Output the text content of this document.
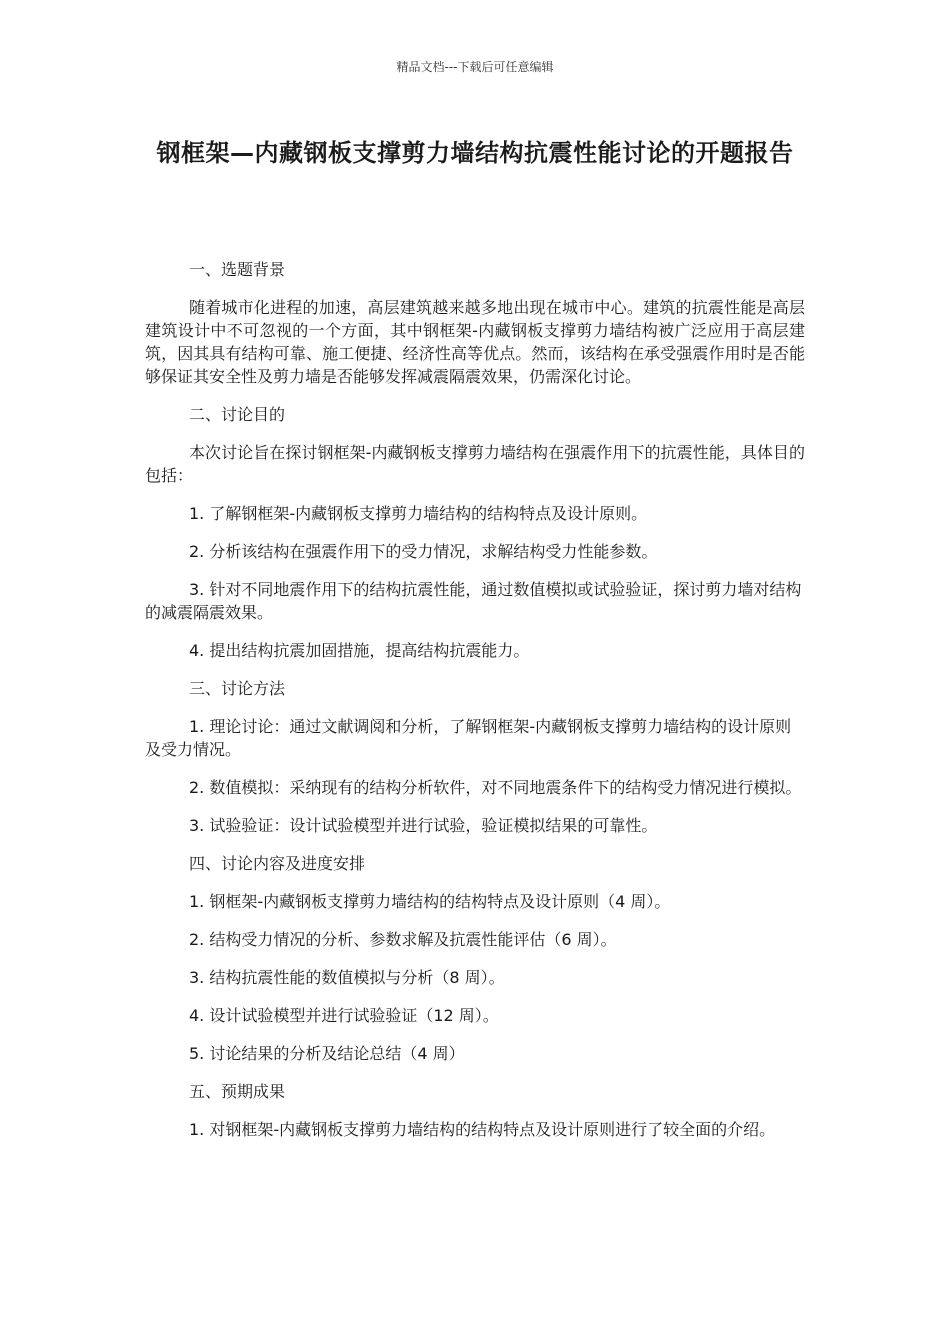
精品文档---下载后可任意编辑
钢框架—内藏钢板支撑剪力墙结构抗震性能讨论的开题报告

一、选题背景

随着城市化进程的加速，高层建筑越来越多地出现在城市中心。建筑的抗震性能是高层建筑设计中不可忽视的一个方面，其中钢框架-内藏钢板支撑剪力墙结构被广泛应用于高层建筑，因其具有结构可靠、施工便捷、经济性高等优点。然而，该结构在承受强震作用时是否能够保证其安全性及剪力墙是否能够发挥减震隔震效果，仍需深化讨论。

二、讨论目的

本次讨论旨在探讨钢框架-内藏钢板支撑剪力墙结构在强震作用下的抗震性能，具体目的包括：

1. 了解钢框架-内藏钢板支撑剪力墙结构的结构特点及设计原则。

2. 分析该结构在强震作用下的受力情况，求解结构受力性能参数。

3. 针对不同地震作用下的结构抗震性能，通过数值模拟或试验验证，探讨剪力墙对结构的减震隔震效果。

4. 提出结构抗震加固措施，提高结构抗震能力。

三、讨论方法

1. 理论讨论：通过文献调阅和分析，了解钢框架-内藏钢板支撑剪力墙结构的设计原则及受力情况。

2. 数值模拟：采纳现有的结构分析软件，对不同地震条件下的结构受力情况进行模拟。

3. 试验验证：设计试验模型并进行试验，验证模拟结果的可靠性。

四、讨论内容及进度安排

1. 钢框架-内藏钢板支撑剪力墙结构的结构特点及设计原则（4 周）。

2. 结构受力情况的分析、参数求解及抗震性能评估（6 周）。

3. 结构抗震性能的数值模拟与分析（8 周）。

4. 设计试验模型并进行试验验证（12 周）。

5. 讨论结果的分析及结论总结（4 周）

五、预期成果

1. 对钢框架-内藏钢板支撑剪力墙结构的结构特点及设计原则进行了较全面的介绍。
